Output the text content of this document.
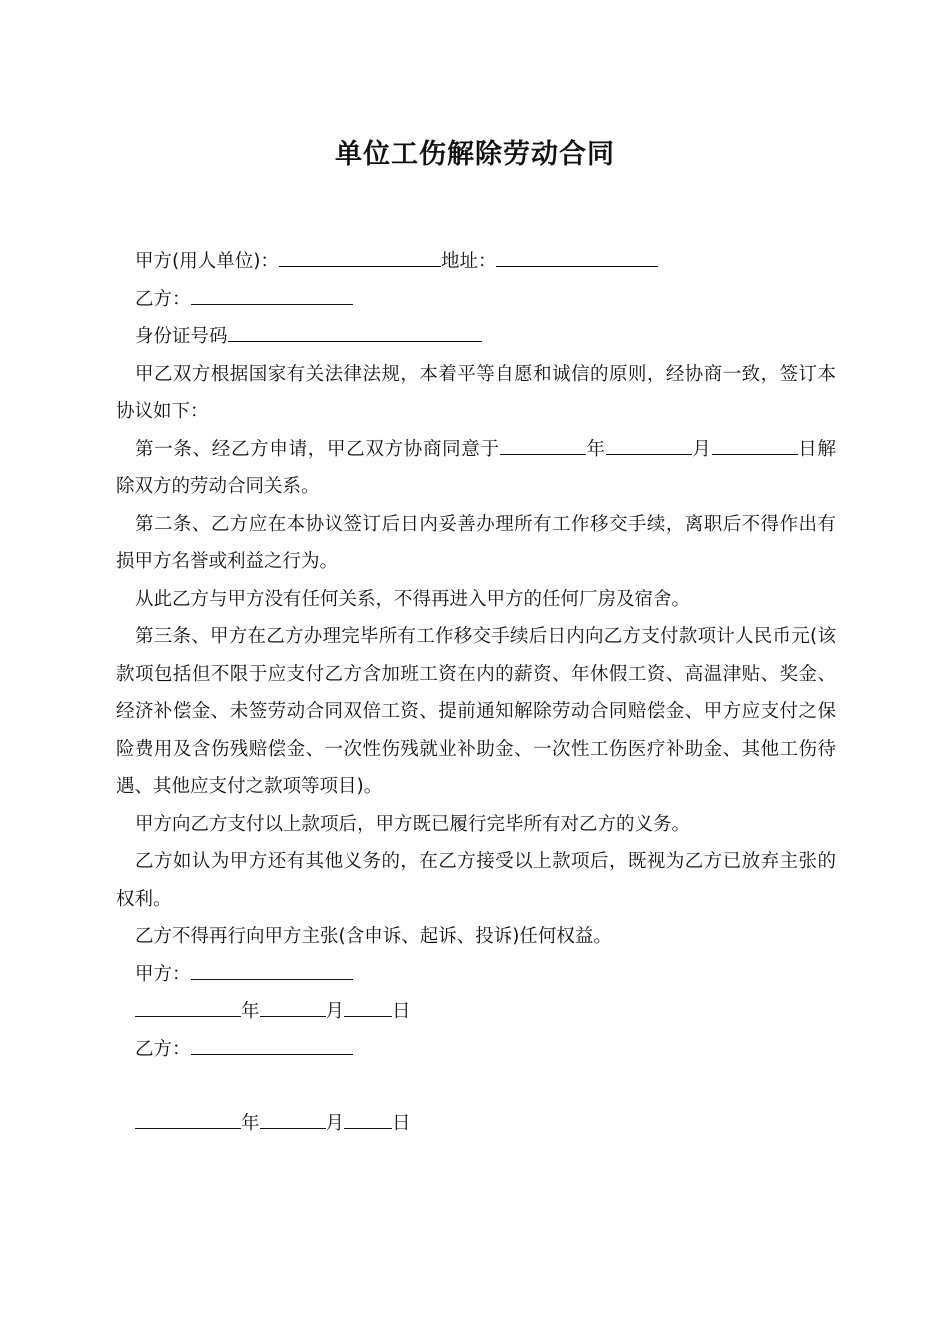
单位工伤解除劳动合同

甲方(用人单位)：	地址：

乙方：

身份证号码

甲乙双方根据国家有关法律法规，本着平等自愿和诚信的原则，经协商一致，签订本协议如下：

第一条、经乙方申请，甲乙双方协商同意于	年	月	日解除双方的劳动合同关系。

第二条、乙方应在本协议签订后日内妥善办理所有工作移交手续，离职后不得作出有损甲方名誉或利益之行为。

从此乙方与甲方没有任何关系，不得再进入甲方的任何厂房及宿舍。

第三条、甲方在乙方办理完毕所有工作移交手续后日内向乙方支付款项计人民币元(该款项包括但不限于应支付乙方含加班工资在内的薪资、年休假工资、高温津贴、奖金、经济补偿金、未签劳动合同双倍工资、提前通知解除劳动合同赔偿金、甲方应支付之保险费用及含伤残赔偿金、一次性伤残就业补助金、一次性工伤医疗补助金、其他工伤待遇、其他应支付之款项等项目)。

甲方向乙方支付以上款项后，甲方既已履行完毕所有对乙方的义务。

乙方如认为甲方还有其他义务的，在乙方接受以上款项后，既视为乙方已放弃主张的权利。

乙方不得再行向甲方主张(含申诉、起诉、投诉)任何权益。

甲方：

年	月	日

乙方：

年	月	日
